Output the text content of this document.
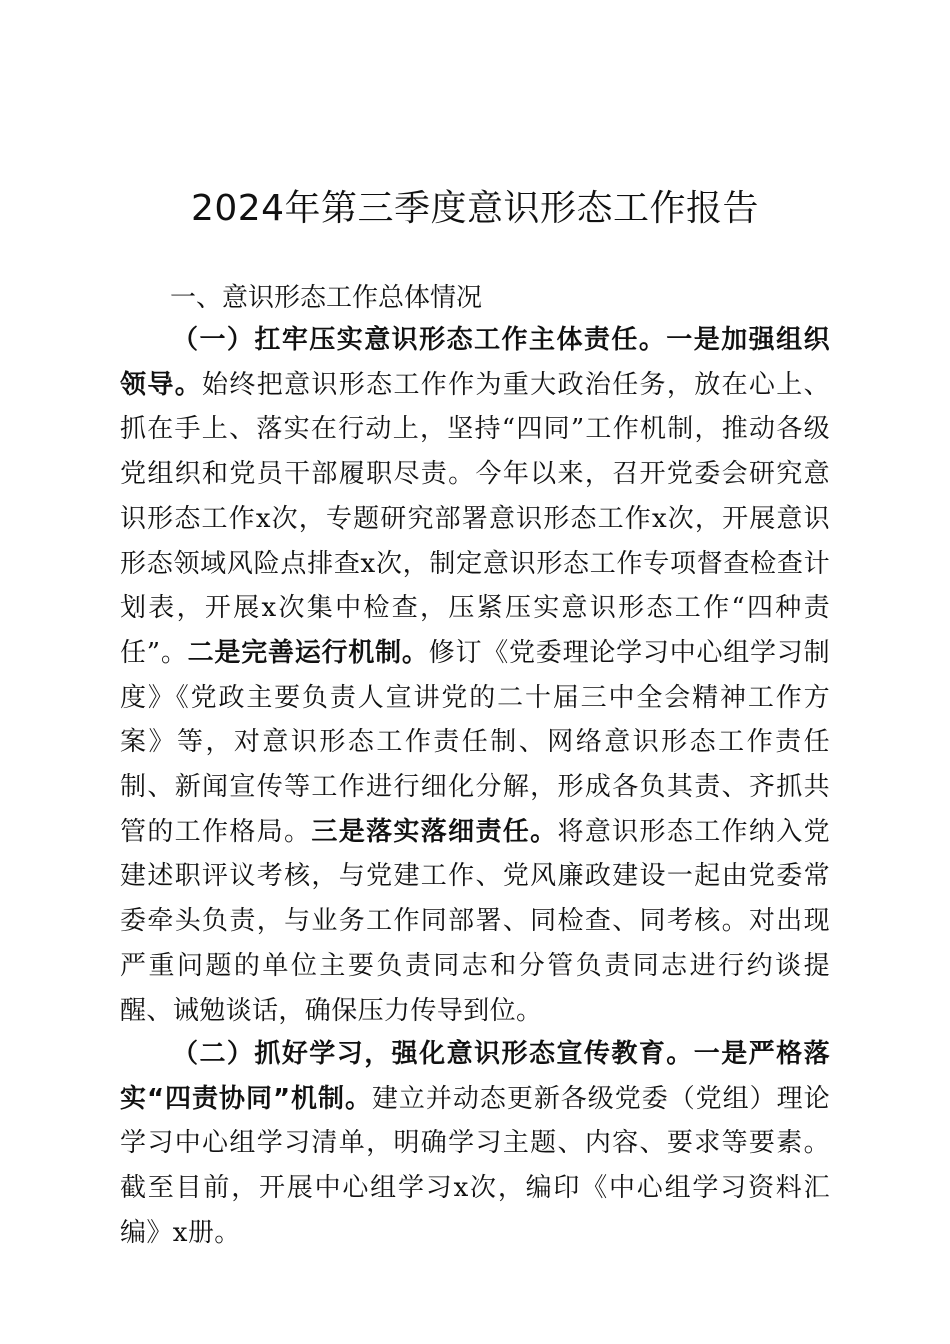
2024年第三季度意识形态工作报告
一、意识形态工作总体情况

（一）扛牢压实意识形态工作主体责任。一是加强组织领导。始终把意识形态工作作为重大政治任务，放在心上、抓在手上、落实在行动上，坚持“四同”工作机制，推动各级党组织和党员干部履职尽责。今年以来，召开党委会研究意识形态工作x次，专题研究部署意识形态工作x次，开展意识形态领域风险点排查x次，制定意识形态工作专项督查检查计划表，开展x次集中检查，压紧压实意识形态工作“四种责任”。二是完善运行机制。修订《党委理论学习中心组学习制度》《党政主要负责人宣讲党的二十届三中全会精神工作方案》等，对意识形态工作责任制、网络意识形态工作责任制、新闻宣传等工作进行细化分解，形成各负其责、齐抓共管的工作格局。三是落实落细责任。将意识形态工作纳入党建述职评议考核，与党建工作、党风廉政建设一起由党委常委牵头负责，与业务工作同部署、同检查、同考核。对出现严重问题的单位主要负责同志和分管负责同志进行约谈提醒、诫勉谈话，确保压力传导到位。

（二）抓好学习，强化意识形态宣传教育。一是严格落实“四责协同”机制。建立并动态更新各级党委（党组）理论学习中心组学习清单，明确学习主题、内容、要求等要素。截至目前，开展中心组学习x次，编印《中心组学习资料汇编》x册。
